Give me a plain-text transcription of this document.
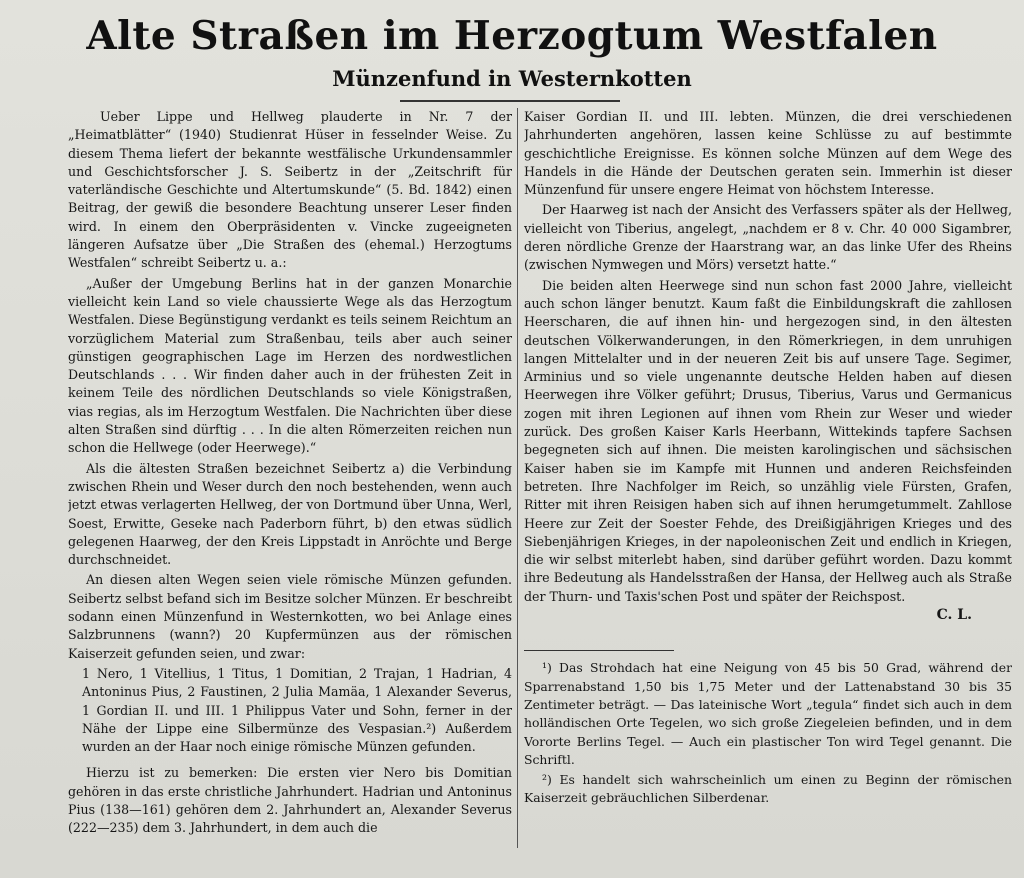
Alte Straßen im Herzogtum Westfalen
Münzenfund in Westernkotten

Ueber Lippe und Hellweg plauderte in Nr. 7 der „Heimatblätter“ (1940) Studienrat Hüser in fesselnder Weise. Zu diesem Thema liefert der bekannte westfälische Urkundensammler und Geschichtsforscher J. S. Seibertz in der „Zeitschrift für vaterländische Geschichte und Altertumskunde“ (5. Bd. 1842) einen Beitrag, der gewiß die besondere Beachtung unserer Leser finden wird. In einem den Oberpräsidenten v. Vincke zugeeigneten längeren Aufsatze über „Die Straßen des (ehemal.) Herzogtums Westfalen“ schreibt Seibertz u. a.:

„Außer der Umgebung Berlins hat in der ganzen Monarchie vielleicht kein Land so viele chaussierte Wege als das Herzogtum Westfalen. Diese Begünstigung verdankt es teils seinem Reichtum an vorzüglichem Material zum Straßenbau, teils aber auch seiner günstigen geographischen Lage im Herzen des nordwestlichen Deutschlands . . . Wir finden daher auch in der frühesten Zeit in keinem Teile des nördlichen Deutschlands so viele Königstraßen, vias regias, als im Herzogtum Westfalen. Die Nachrichten über diese alten Straßen sind dürftig . . . In die alten Römerzeiten reichen nun schon die Hellwege (oder Heerwege).“

Als die ältesten Straßen bezeichnet Seibertz a) die Verbindung zwischen Rhein und Weser durch den noch bestehenden, wenn auch jetzt etwas verlagerten Hellweg, der von Dortmund über Unna, Werl, Soest, Erwitte, Geseke nach Paderborn führt, b) den etwas südlich gelegenen Haarweg, der den Kreis Lippstadt in Anröchte und Berge durchschneidet.

An diesen alten Wegen seien viele römische Münzen gefunden. Seibertz selbst befand sich im Besitze solcher Münzen. Er beschreibt sodann einen Münzenfund in Westernkotten, wo bei Anlage eines Salzbrunnens (wann?) 20 Kupfermünzen aus der römischen Kaiserzeit gefunden seien, und zwar:

1 Nero, 1 Vitellius, 1 Titus, 1 Domitian, 2 Trajan, 1 Hadrian, 4 Antoninus Pius, 2 Faustinen, 2 Julia Mamäa, 1 Alexander Severus, 1 Gordian II. und III. 1 Philippus Vater und Sohn, ferner in der Nähe der Lippe eine Silbermünze des Vespasian.²) Außerdem wurden an der Haar noch einige römische Münzen gefunden.

Hierzu ist zu bemerken: Die ersten vier Nero bis Domitian gehören in das erste christliche Jahrhundert. Hadrian und Antoninus Pius (138—161) gehören dem 2. Jahrhundert an, Alexander Severus (222—235) dem 3. Jahrhundert, in dem auch die

Kaiser Gordian II. und III. lebten. Münzen, die drei verschiedenen Jahrhunderten angehören, lassen keine Schlüsse zu auf bestimmte geschichtliche Ereignisse. Es können solche Münzen auf dem Wege des Handels in die Hände der Deutschen geraten sein. Immerhin ist dieser Münzenfund für unsere engere Heimat von höchstem Interesse.

Der Haarweg ist nach der Ansicht des Verfassers später als der Hellweg, vielleicht von Tiberius, angelegt, „nachdem er 8 v. Chr. 40 000 Sigambrer, deren nördliche Grenze der Haarstrang war, an das linke Ufer des Rheins (zwischen Nymwegen und Mörs) versetzt hatte.“

Die beiden alten Heerwege sind nun schon fast 2000 Jahre, vielleicht auch schon länger benutzt. Kaum faßt die Einbildungskraft die zahllosen Heerscharen, die auf ihnen hin- und hergezogen sind, in den ältesten deutschen Völkerwanderungen, in den Römerkriegen, in dem unruhigen langen Mittelalter und in der neueren Zeit bis auf unsere Tage. Segimer, Arminius und so viele ungenannte deutsche Helden haben auf diesen Heerwegen ihre Völker geführt; Drusus, Tiberius, Varus und Germanicus zogen mit ihren Legionen auf ihnen vom Rhein zur Weser und wieder zurück. Des großen Kaiser Karls Heerbann, Wittekinds tapfere Sachsen begegneten sich auf ihnen. Die meisten karolingischen und sächsischen Kaiser haben sie im Kampfe mit Hunnen und anderen Reichsfeinden betreten. Ihre Nachfolger im Reich, so unzählig viele Fürsten, Grafen, Ritter mit ihren Reisigen haben sich auf ihnen herumgetummelt. Zahllose Heere zur Zeit der Soester Fehde, des Dreißigjährigen Krieges und des Siebenjährigen Krieges, in der napoleonischen Zeit und endlich in Kriegen, die wir selbst miterlebt haben, sind darüber geführt worden. Dazu kommt ihre Bedeutung als Handelsstraßen der Hansa, der Hellweg auch als Straße der Thurn- und Taxis'schen Post und später der Reichspost.

C. L.

¹) Das Strohdach hat eine Neigung von 45 bis 50 Grad, während der Sparrenabstand 1,50 bis 1,75 Meter und der Lattenabstand 30 bis 35 Zentimeter beträgt. — Das lateinische Wort „tegula“ findet sich auch in dem holländischen Orte Tegelen, wo sich große Ziegeleien befinden, und in dem Vororte Berlins Tegel. — Auch ein plastischer Ton wird Tegel genannt. Die Schriftl.

²) Es handelt sich wahrscheinlich um einen zu Beginn der römischen Kaiserzeit gebräuchlichen Silberdenar.
